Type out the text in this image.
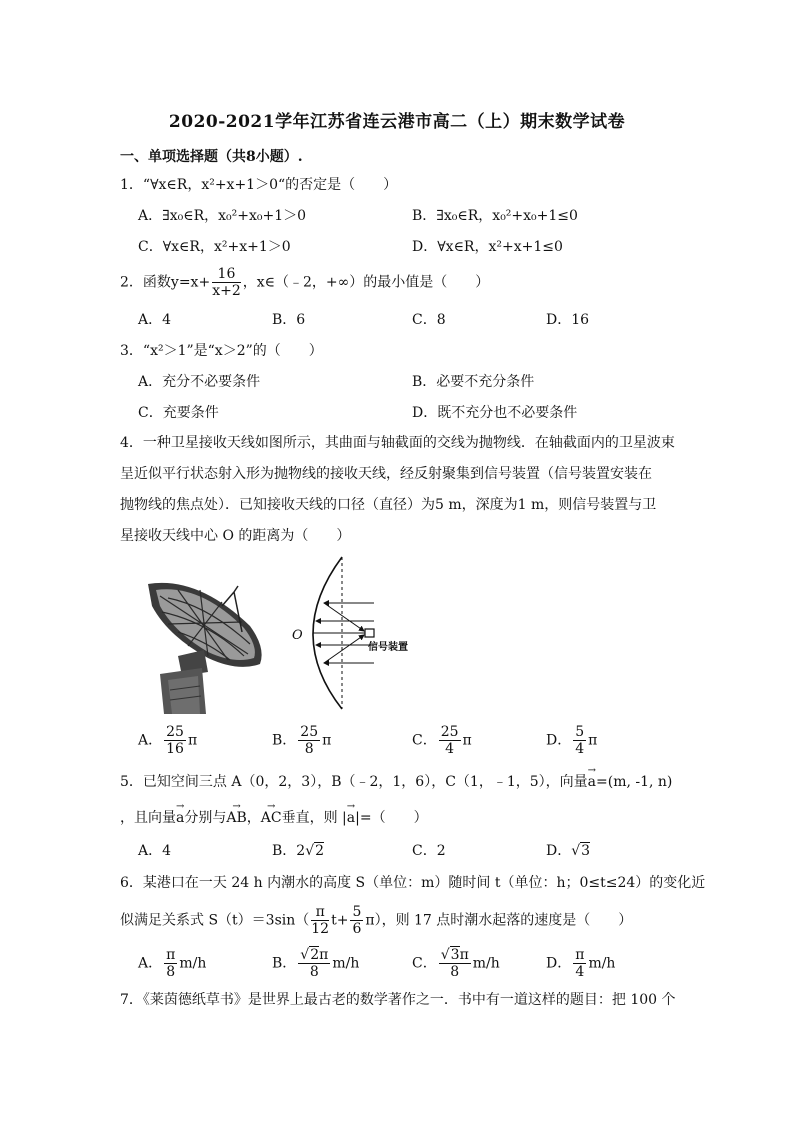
2020-2021学年江苏省连云港市高二（上）期末数学试卷
一、单项选择题（共8小题）.
1．“∀x∈R，x²+x+1＞0“的否定是（　　）
A．∃x₀∈R，x₀²+x₀+1＞0	B．∃x₀∈R，x₀²+x₀+1≤0
C．∀x∈R，x²+x+1＞0	D．∀x∈R，x²+x+1≤0
2．函数$y=x+ \frac{16}{x+2}$ ，x∈（﹣2，+∞）的最小值是（　　）
A．4	B．6	C．8	D．16
3．“x²＞1”是“x＞2”的（　　）
A．充分不必要条件	B．必要不充分条件
C．充要条件	D．既不充分也不必要条件
4．一种卫星接收天线如图所示，其曲面与轴截面的交线为抛物线．在轴截面内的卫星波束
呈近似平行状态射入形为抛物线的接收天线，经反射聚集到信号装置（信号装置安装在
抛物线的焦点处）．已知接收天线的口径（直径）为5 m，深度为1 m，则信号装置与卫
星接收天线中心 O 的距离为（　　）
O
信号装置
A． $\frac{25}{16}$ π	B． $\frac{25}{8}$ π	C． $\frac{25}{4}$ π	D． $\frac{5}{4}$ π
5．已知空间三点 A（0，2，3），B（﹣2，1，6），C（1，﹣1，5），向量→ a=(m, -1, n)
，且向量→ a分别与→ AB，→ AC垂直，则 |→ a|=（　　）
A．4	B．2√2	C．2	D．√3
6．某港口在一天 24 h 内潮水的高度 S（单位：m）随时间 t（单位：h；0≤t≤24）的变化近
似满足关系式 $S(t)=3\sin( \frac{\pi}{12} t+ \frac{5}{6} \pi)$，则 17 点时潮水起落的速度是（　　）
A． $\frac{\pi}{8} m/h$	B． $\frac{√2\pi}{8} m/h$	C． $\frac{√3\pi}{8} m/h$	D． $\frac{\pi}{4} m/h$
7．《莱茵德纸草书》是世界上最古老的数学著作之一．书中有一道这样的题目：把 100 个
